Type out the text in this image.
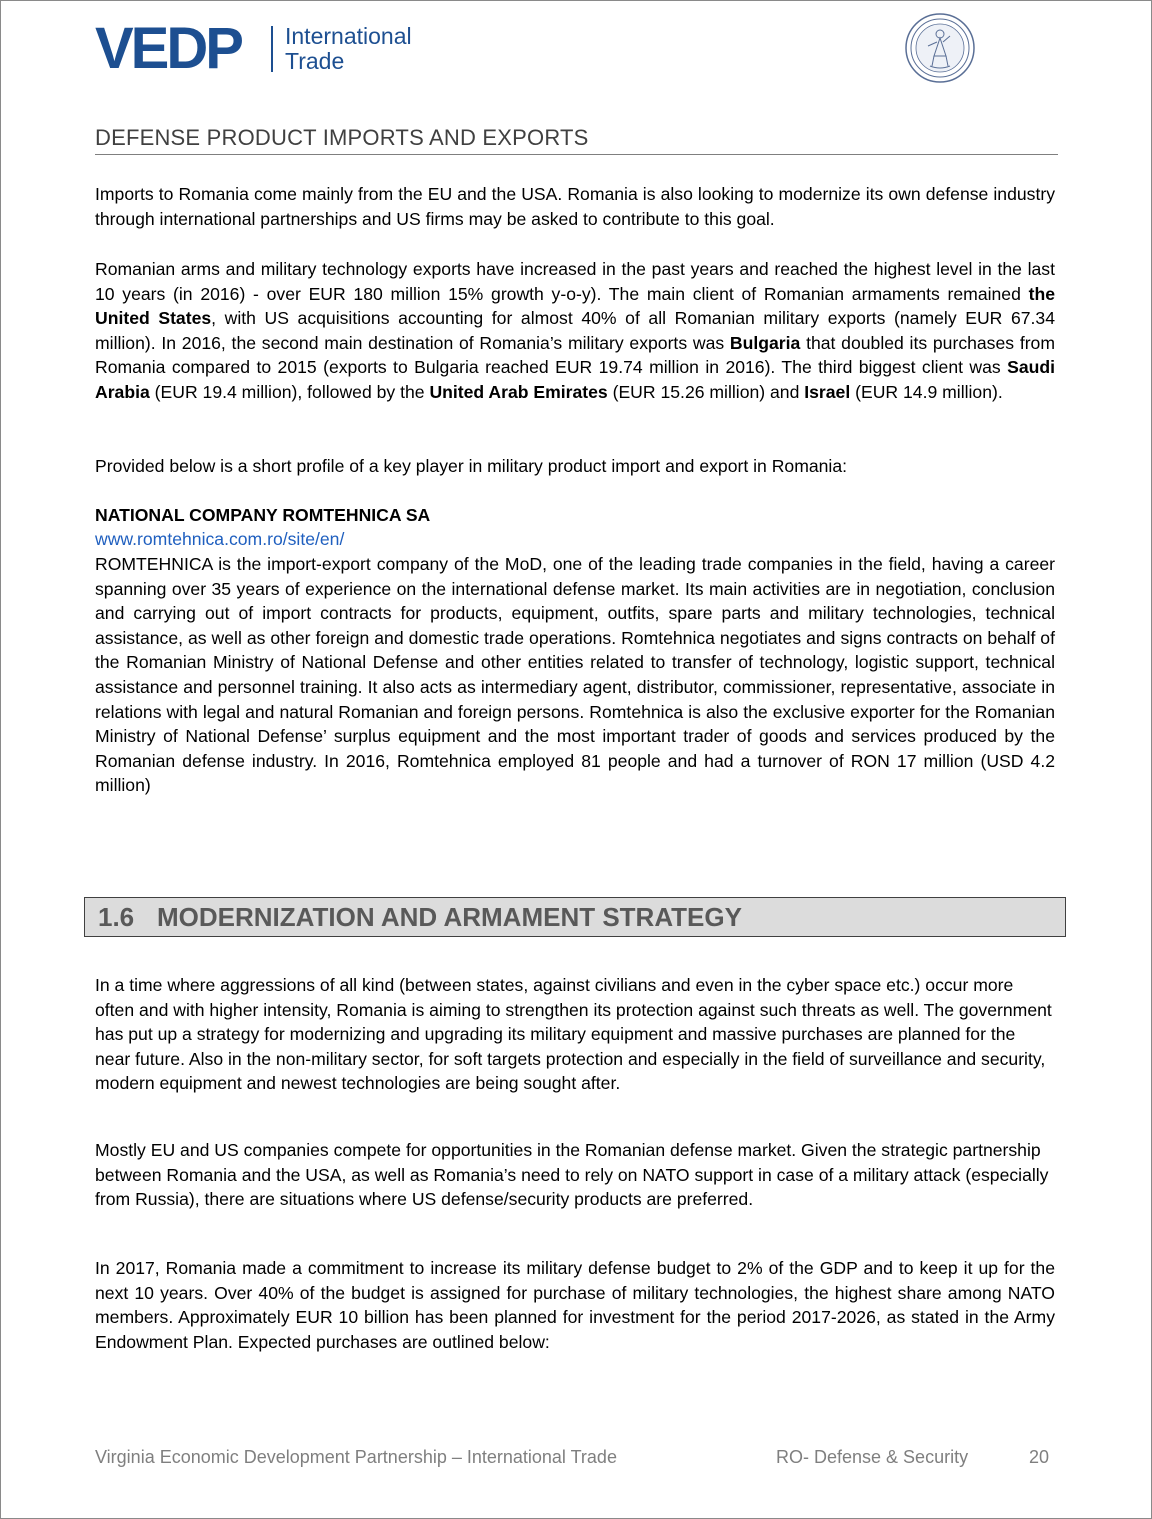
VEDP International
Trade
DEFENSE PRODUCT IMPORTS AND EXPORTS
Imports to Romania come mainly from the EU and the USA. Romania is also looking to modernize its own defense industry through international partnerships and US firms may be asked to contribute to this goal.
Romanian arms and military technology exports have increased in the past years and reached the highest level in the last 10 years (in 2016) - over EUR 180 million 15% growth y-o-y). The main client of Romanian armaments remained the United States, with US acquisitions accounting for almost 40% of all Romanian military exports (namely EUR 67.34 million). In 2016, the second main destination of Romania’s military exports was Bulgaria that doubled its purchases from Romania compared to 2015 (exports to Bulgaria reached EUR 19.74 million in 2016). The third biggest client was Saudi Arabia (EUR 19.4 million), followed by the United Arab Emirates (EUR 15.26 million) and Israel (EUR 14.9 million).
Provided below is a short profile of a key player in military product import and export in Romania:
NATIONAL COMPANY ROMTEHNICA SA
www.romtehnica.com.ro/site/en/
ROMTEHNICA is the import-export company of the MoD, one of the leading trade companies in the field, having a career spanning over 35 years of experience on the international defense market. Its main activities are in negotiation, conclusion and carrying out of import contracts for products, equipment, outfits, spare parts and military technologies, technical assistance, as well as other foreign and domestic trade operations. Romtehnica negotiates and signs contracts on behalf of the Romanian Ministry of National Defense and other entities related to transfer of technology, logistic support, technical assistance and personnel training. It also acts as intermediary agent, distributor, commissioner, representative, associate in relations with legal and natural Romanian and foreign persons. Romtehnica is also the exclusive exporter for the Romanian Ministry of National Defense’ surplus equipment and the most important trader of goods and services produced by the Romanian defense industry. In 2016, Romtehnica employed 81 people and had a turnover of RON 17 million (USD 4.2 million)
1.6 MODERNIZATION AND ARMAMENT STRATEGY
In a time where aggressions of all kind (between states, against civilians and even in the cyber space etc.) occur more often and with higher intensity, Romania is aiming to strengthen its protection against such threats as well. The government has put up a strategy for modernizing and upgrading its military equipment and massive purchases are planned for the near future. Also in the non-military sector, for soft targets protection and especially in the field of surveillance and security, modern equipment and newest technologies are being sought after.
Mostly EU and US companies compete for opportunities in the Romanian defense market. Given the strategic partnership between Romania and the USA, as well as Romania’s need to rely on NATO support in case of a military attack (especially from Russia), there are situations where US defense/security products are preferred.
In 2017, Romania made a commitment to increase its military defense budget to 2% of the GDP and to keep it up for the next 10 years. Over 40% of the budget is assigned for purchase of military technologies, the highest share among NATO members. Approximately EUR 10 billion has been planned for investment for the period 2017-2026, as stated in the Army Endowment Plan. Expected purchases are outlined below:
Virginia Economic Development Partnership – International Trade	RO- Defense & Security	20
